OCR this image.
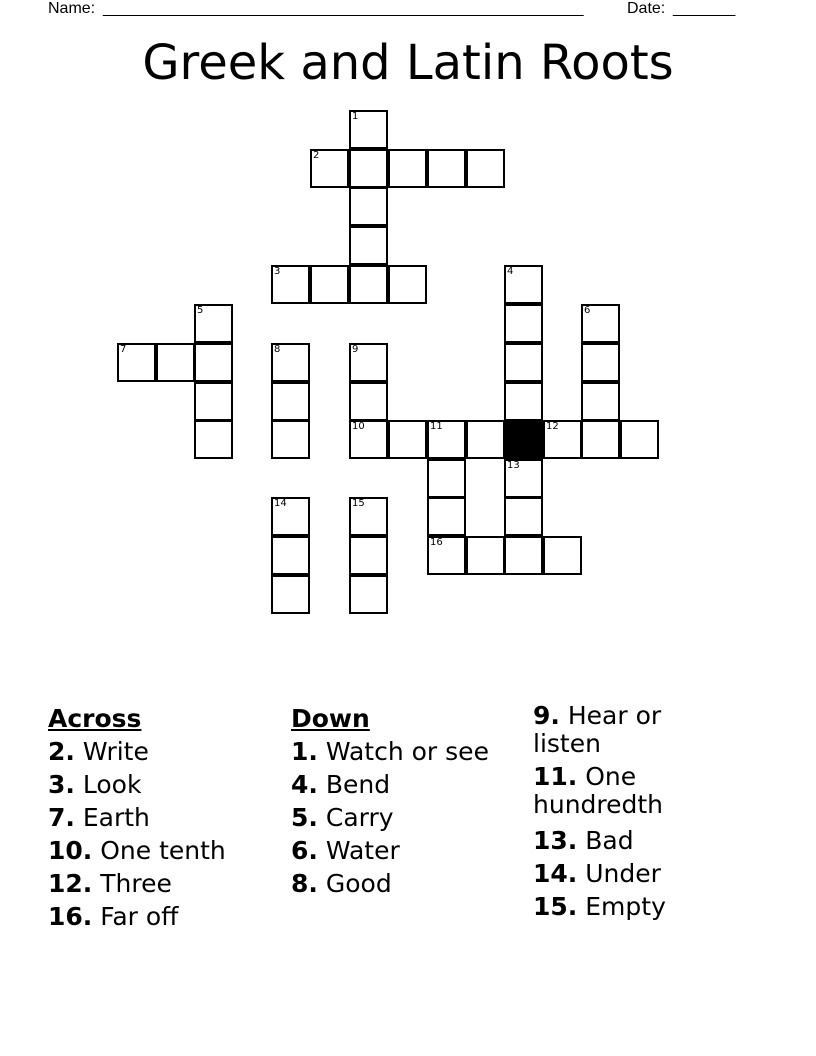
Name: ______________________________________________________	Date: _______
Greek and Latin Roots
1
2
3	4
5	6
7	8	9
10	11	12
13
16
14	15
Across
2. Write
3. Look
7. Earth
10. One tenth
12. Three
16. Far off
Down
1. Watch or see
4. Bend
5. Carry
6. Water
8. Good
9. Hear or listen
11. One hundredth
13. Bad
14. Under
15. Empty
